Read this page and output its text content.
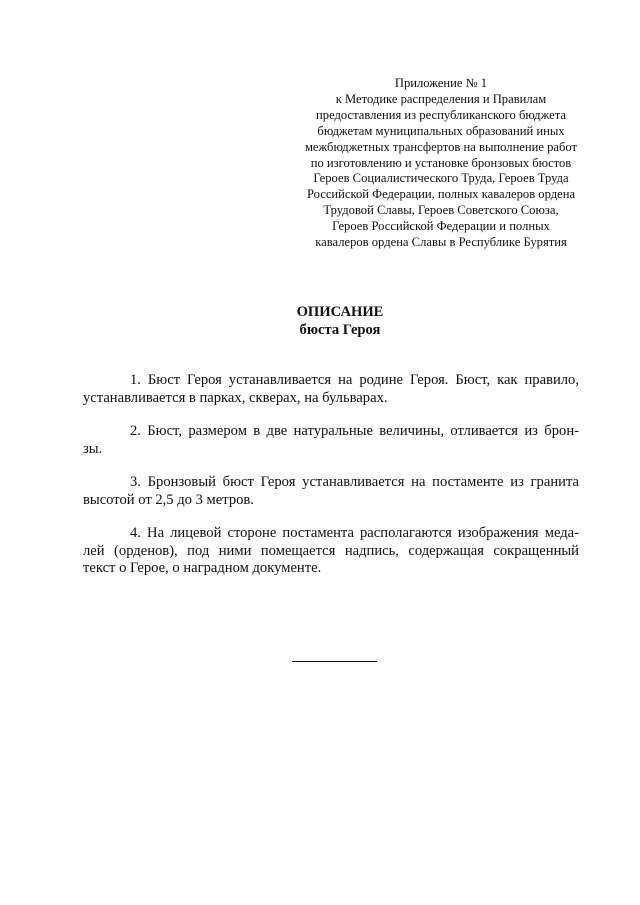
Приложение № 1
к Методике распределения и Правилам
предоставления из республиканского бюджета
бюджетам муниципальных образований иных
межбюджетных трансфертов на выполнение работ
по изготовлению и установке бронзовых бюстов
Героев Социалистического Труда, Героев Труда
Российской Федерации, полных кавалеров ордена
Трудовой Славы, Героев Советского Союза,
Героев Российской Федерации и полных
кавалеров ордена Славы в Республике Бурятия
ОПИСАНИЕ
бюста Героя
1. Бюст Героя устанавливается на родине Героя. Бюст, как правило,
устанавливается в парках, скверах, на бульварах.
2. Бюст, размером в две натуральные величины, отливается из брон-
зы.
3. Бронзовый бюст Героя устанавливается на постаменте из гранита
высотой от 2,5 до 3 метров.
4. На лицевой стороне постамента располагаются изображения меда-
лей (орденов), под ними помещается надпись, содержащая сокращенный
текст о Герое, о наградном документе.
